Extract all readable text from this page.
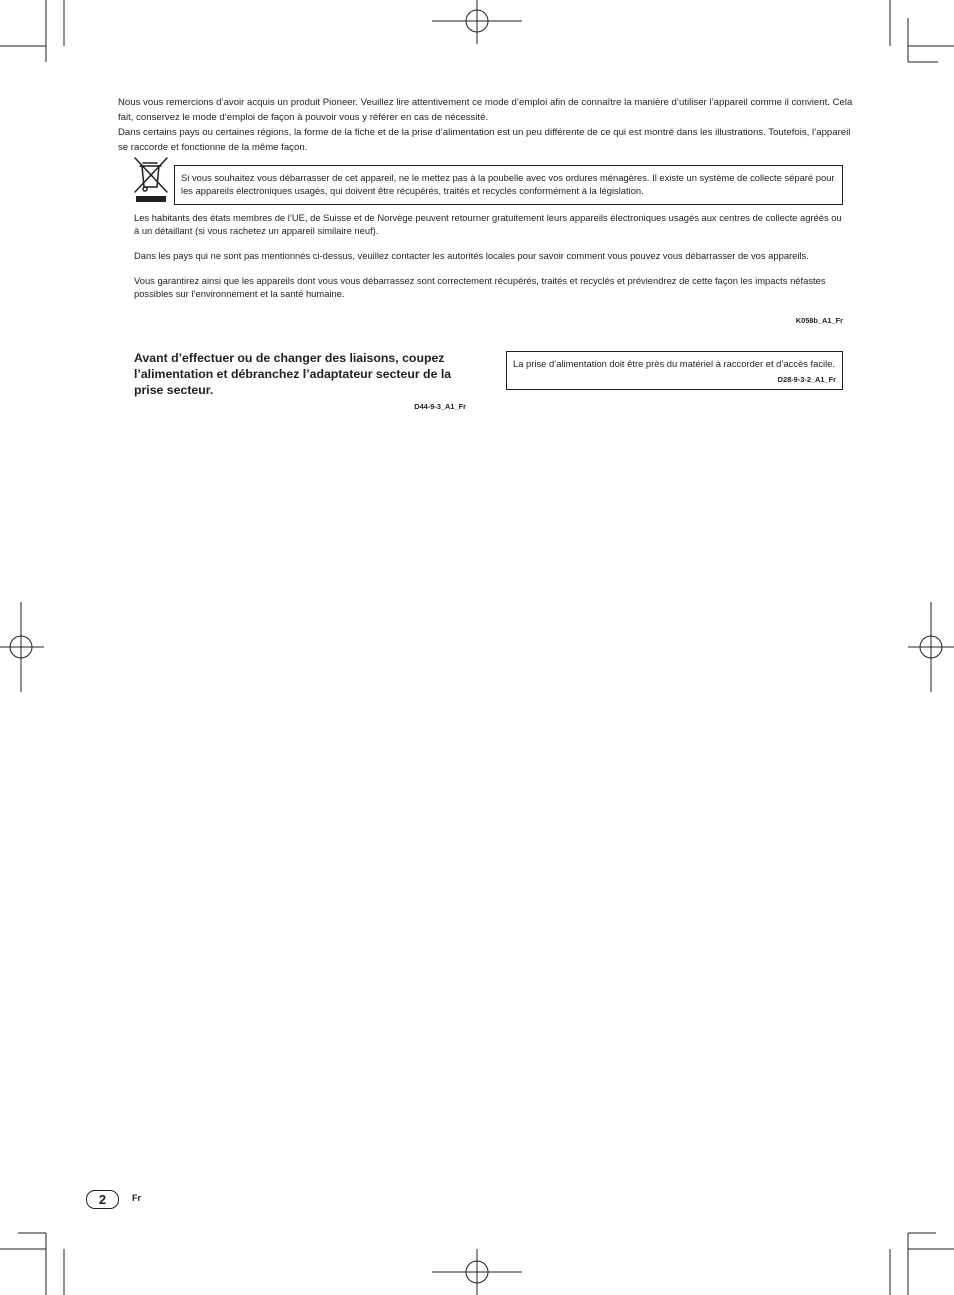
Nous vous remercions d’avoir acquis un produit Pioneer. Veuillez lire attentivement ce mode d’emploi afin de connaître la manière d’utiliser l’appareil comme il convient. Cela fait, conservez le mode d’emploi de façon à pouvoir vous y référer en cas de nécessité.

Dans certains pays ou certaines régions, la forme de la fiche et de la prise d’alimentation est un peu différente de ce qui est montré dans les illustrations. Toutefois, l’appareil se raccorde et fonctionne de la même façon.

Si vous souhaitez vous débarrasser de cet appareil, ne le mettez pas à la poubelle avec vos ordures ménagères. Il existe un système de collecte séparé pour les appareils électroniques usagés, qui doivent être récupérés, traités et recyclés conformément à la législation.

Les habitants des états membres de l’UE, de Suisse et de Norvège peuvent retourner gratuitement leurs appareils électroniques usagés aux centres de collecte agréés ou à un détaillant (si vous rachetez un appareil similaire neuf).

Dans les pays qui ne sont pas mentionnés ci-dessus, veuillez contacter les autorités locales pour savoir comment vous pouvez vous débarrasser de vos appareils.

Vous garantirez ainsi que les appareils dont vous vous débarrassez sont correctement récupérés, traités et recyclés et préviendrez de cette façon les impacts néfastes possibles sur l’environnement et la santé humaine.

K058b_A1_Fr

Avant d’effectuer ou de changer des liaisons, coupez l’alimentation et débranchez l’adaptateur secteur de la prise secteur.

D44-9-3_A1_Fr
La prise d’alimentation doit être près du matériel à raccorder et d’accès facile.
D28-9-3-2_A1_Fr
2	Fr
